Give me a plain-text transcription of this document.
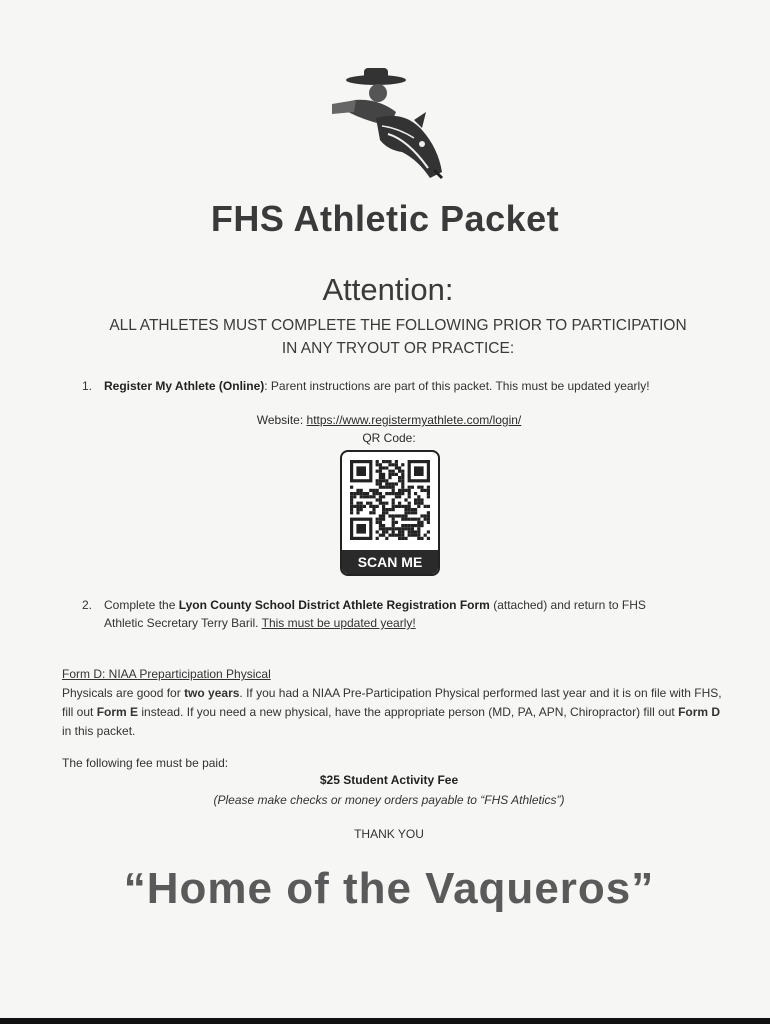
FHS Athletic Packet
Attention:
ALL ATHLETES MUST COMPLETE THE FOLLOWING PRIOR TO PARTICIPATION
IN ANY TRYOUT OR PRACTICE:
1. Register My Athlete (Online): Parent instructions are part of this packet. This must be updated yearly!
Website: https://www.registermyathlete.com/login/
QR Code:
SCAN ME
2. Complete the Lyon County School District Athlete Registration Form (attached) and return to FHS
Athletic Secretary Terry Baril. This must be updated yearly!
Form D: NIAA Preparticipation Physical
Physicals are good for two years. If you had a NIAA Pre-Participation Physical performed last year and it is on file with FHS, fill out Form E instead. If you need a new physical, have the appropriate person (MD, PA, APN, Chiropractor) fill out Form D in this packet.
The following fee must be paid:
$25 Student Activity Fee
(Please make checks or money orders payable to “FHS Athletics”)
THANK YOU
“Home of the Vaqueros”
